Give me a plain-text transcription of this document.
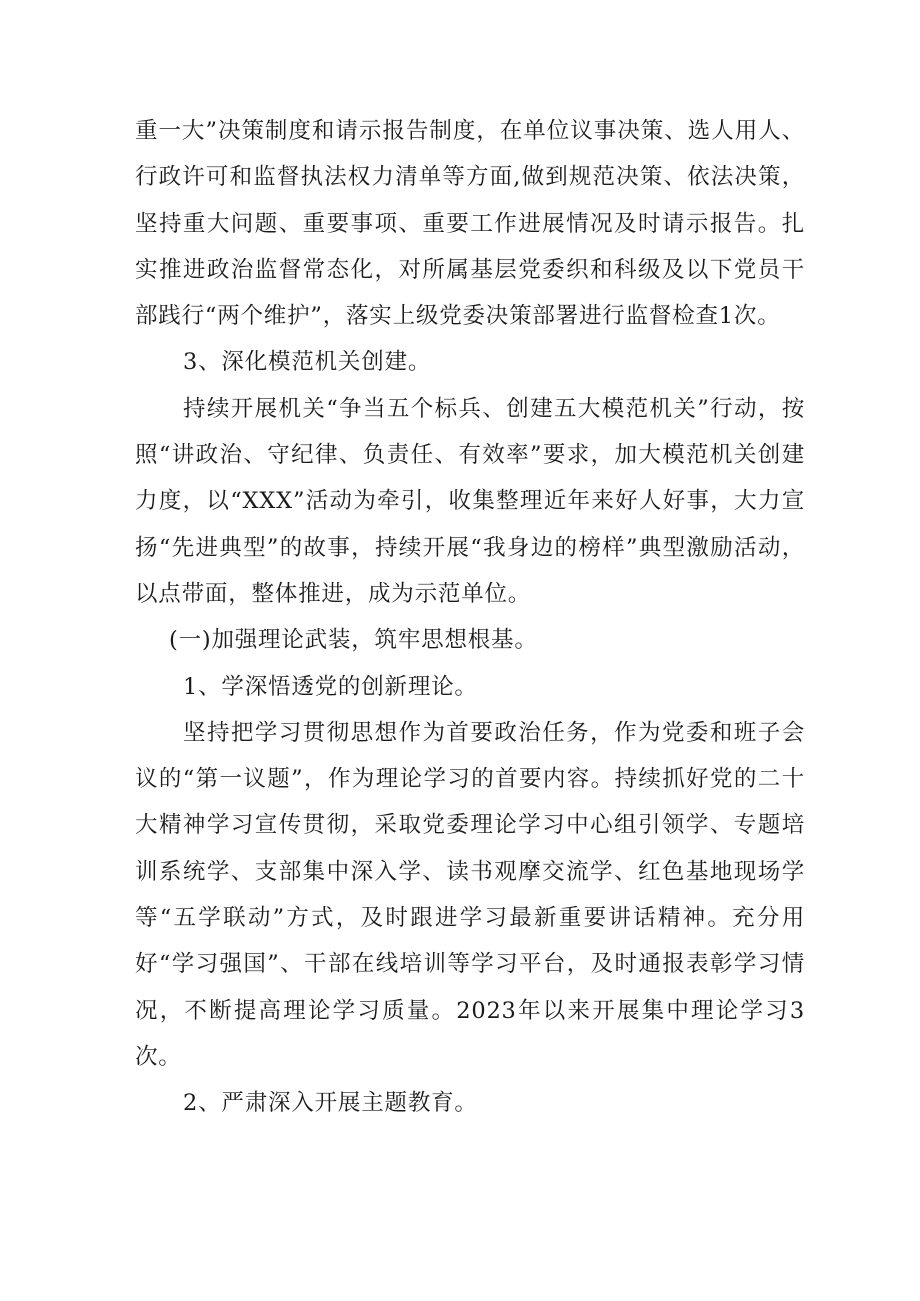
重一大”决策制度和请示报告制度，在单位议事决策、选人用人、行政许可和监督执法权力清单等方面,做到规范决策、依法决策，坚持重大问题、重要事项、重要工作进展情况及时请示报告。扎实推进政治监督常态化，对所属基层党委织和科级及以下党员干部践行“两个维护”，落实上级党委决策部署进行监督检查1次。

3、深化模范机关创建。

持续开展机关“争当五个标兵、创建五大模范机关”行动，按照“讲政治、守纪律、负责任、有效率”要求，加大模范机关创建力度，以“XXX”活动为牵引，收集整理近年来好人好事，大力宣扬“先进典型”的故事，持续开展“我身边的榜样”典型激励活动，以点带面，整体推进，成为示范单位。

(一)加强理论武装，筑牢思想根基。

1、学深悟透党的创新理论。

坚持把学习贯彻思想作为首要政治任务，作为党委和班子会议的“第一议题”，作为理论学习的首要内容。持续抓好党的二十大精神学习宣传贯彻，采取党委理论学习中心组引领学、专题培训系统学、支部集中深入学、读书观摩交流学、红色基地现场学等“五学联动”方式，及时跟进学习最新重要讲话精神。充分用好“学习强国”、干部在线培训等学习平台，及时通报表彰学习情况，不断提高理论学习质量。2023年以来开展集中理论学习3次。

2、严肃深入开展主题教育。
